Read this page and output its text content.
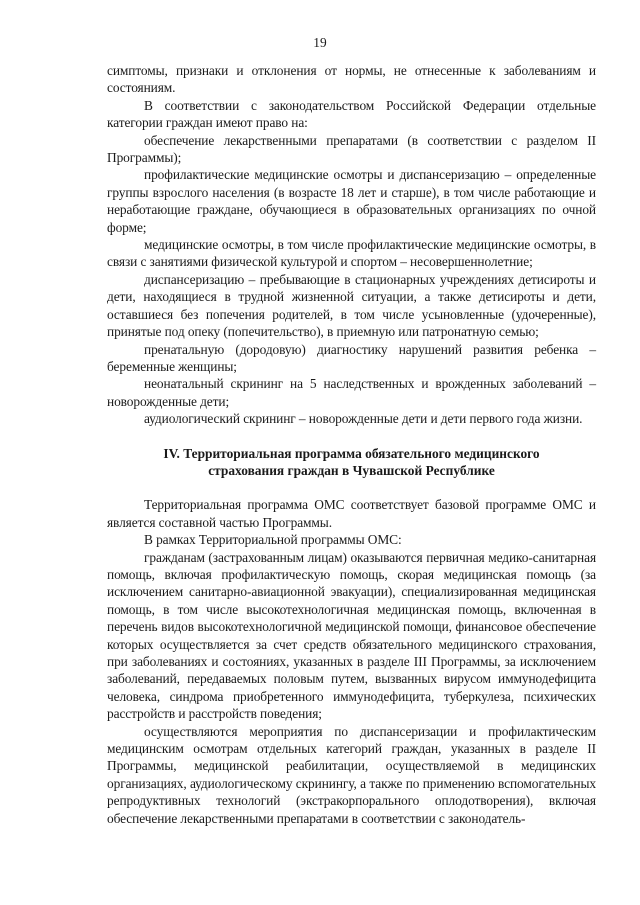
19

симптомы, признаки и отклонения от нормы, не отнесенные к заболеваниям и состояниям.

В соответствии с законодательством Российской Федерации отдельные категории граждан имеют право на:

обеспечение лекарственными препаратами (в соответствии с разделом II Программы);

профилактические медицинские осмотры и диспансеризацию – определенные группы взрослого населения (в возрасте 18 лет и старше), в том числе работающие и неработающие граждане, обучающиеся в образовательных организациях по очной форме;

медицинские осмотры, в том числе профилактические медицинские осмотры, в связи с занятиями физической культурой и спортом – несовершеннолетние;

диспансеризацию – пребывающие в стационарных учреждениях детисироты и дети, находящиеся в трудной жизненной ситуации, а также детисироты и дети, оставшиеся без попечения родителей, в том числе усыновленные (удочеренные), принятые под опеку (попечительство), в приемную или патронатную семью;

пренатальную (дородовую) диагностику нарушений развития ребенка – беременные женщины;

неонатальный скрининг на 5 наследственных и врожденных заболеваний – новорожденные дети;

аудиологический скрининг – новорожденные дети и дети первого года жизни.

IV. Территориальная программа обязательного медицинского

страхования граждан в Чувашской Республике

Территориальная программа ОМС соответствует базовой программе ОМС и является составной частью Программы.

В рамках Территориальной программы ОМС:

гражданам (застрахованным лицам) оказываются первичная медико-санитарная помощь, включая профилактическую помощь, скорая медицинская помощь (за исключением санитарно-авиационной эвакуации), специализированная медицинская помощь, в том числе высокотехнологичная медицинская помощь, включенная в перечень видов высокотехнологичной медицинской помощи, финансовое обеспечение которых осуществляется за счет средств обязательного медицинского страхования, при заболеваниях и состояниях, указанных в разделе III Программы, за исключением заболеваний, передаваемых половым путем, вызванных вирусом иммунодефицита человека, синдрома приобретенного иммунодефицита, туберкулеза, психических расстройств и расстройств поведения;

осуществляются мероприятия по диспансеризации и профилактическим медицинским осмотрам отдельных категорий граждан, указанных в разделе II Программы, медицинской реабилитации, осуществляемой в медицинских организациях, аудиологическому скринингу, а также по применению вспомогательных репродуктивных технологий (экстракорпорального оплодотворения), включая обеспечение лекарственными препаратами в соответствии с законодатель-
